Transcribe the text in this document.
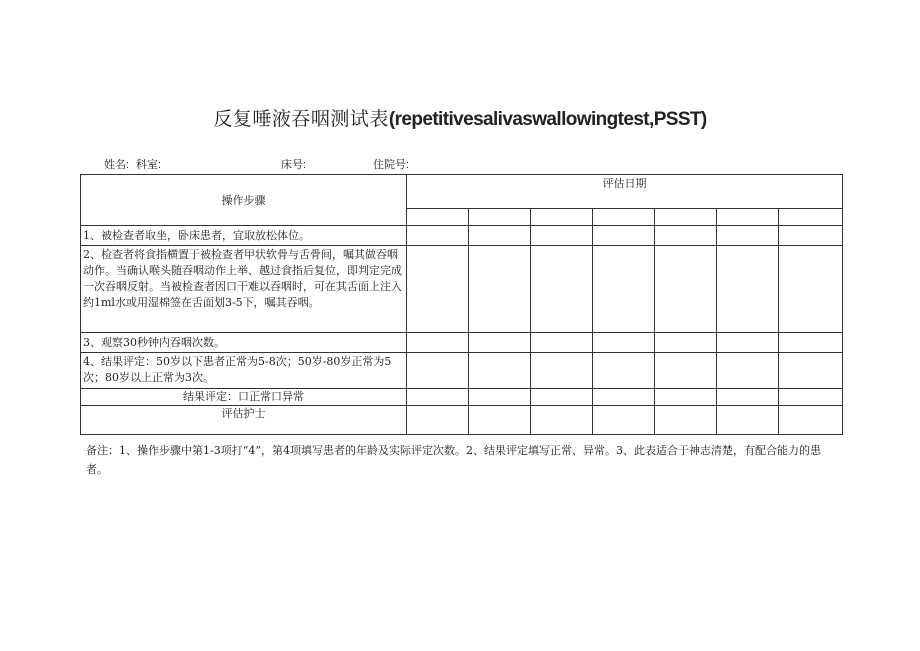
反复唾液吞咽测试表(repetitivesalivaswallowingtest,PSST)
姓名: 科室:	床号:	住院号:
操作步骤	评估日期						

1、被检查者取坐，卧床患者，宜取放松体位。							
2、检查者将食指横置于被检查者甲状软骨与舌骨间，嘱其做吞咽动作。当确认喉头随吞咽动作上举、越过食指后复位，即判定完成一次吞咽反射。当被检查者因口干难以吞咽时，可在其舌面上注入约1ml水或用湿棉签在舌面划3-5下，嘱其吞咽。							
3、观察30秒钟内吞咽次数。							
4、结果评定：50岁以下患者正常为5-8次；50岁-80岁正常为5次；80岁以上正常为3次。							
结果评定：口正常口异常							
评估护士							
备注：1、操作步骤中第1-3项打“4”，第4项填写患者的年龄及实际评定次数。2、结果评定填写正常、异常。3、此表适合于神志清楚，有配合能力的患者。
